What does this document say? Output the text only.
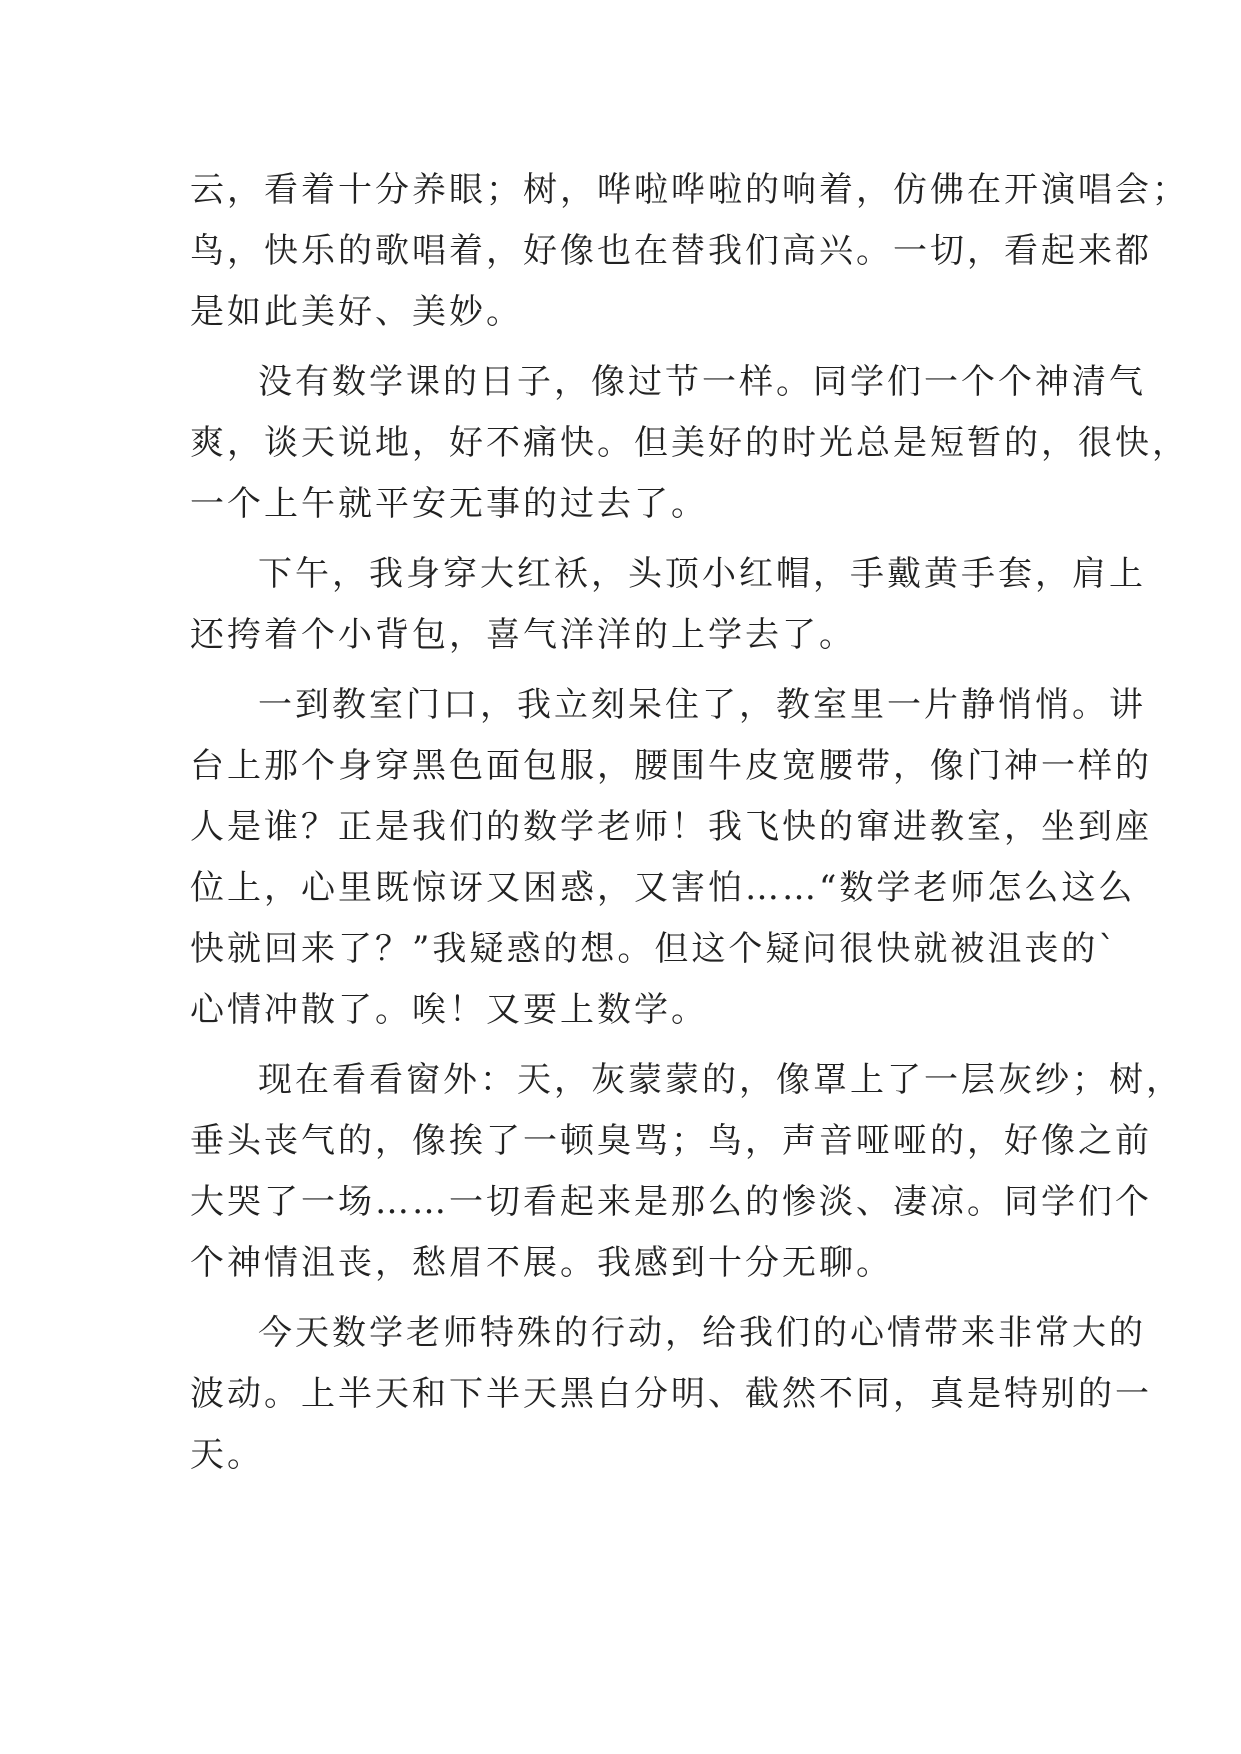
云，看着十分养眼；树，哗啦哗啦的响着，仿佛在开演唱会；
鸟，快乐的歌唱着，好像也在替我们高兴。一切，看起来都
是如此美好、美妙。
没有数学课的日子，像过节一样。同学们一个个神清气
爽，谈天说地，好不痛快。但美好的时光总是短暂的，很快，
一个上午就平安无事的过去了。
下午，我身穿大红袄，头顶小红帽，手戴黄手套，肩上
还挎着个小背包，喜气洋洋的上学去了。
一到教室门口，我立刻呆住了，教室里一片静悄悄。讲
台上那个身穿黑色面包服，腰围牛皮宽腰带，像门神一样的
人是谁？正是我们的数学老师！我飞快的窜进教室，坐到座
位上，心里既惊讶又困惑，又害怕……“数学老师怎么这么
快就回来了？”我疑惑的想。但这个疑问很快就被沮丧的`
心情冲散了。唉！又要上数学。
现在看看窗外：天，灰蒙蒙的，像罩上了一层灰纱；树，
垂头丧气的，像挨了一顿臭骂；鸟，声音哑哑的，好像之前
大哭了一场……一切看起来是那么的惨淡、凄凉。同学们个
个神情沮丧，愁眉不展。我感到十分无聊。
今天数学老师特殊的行动，给我们的心情带来非常大的
波动。上半天和下半天黑白分明、截然不同，真是特别的一
天。
